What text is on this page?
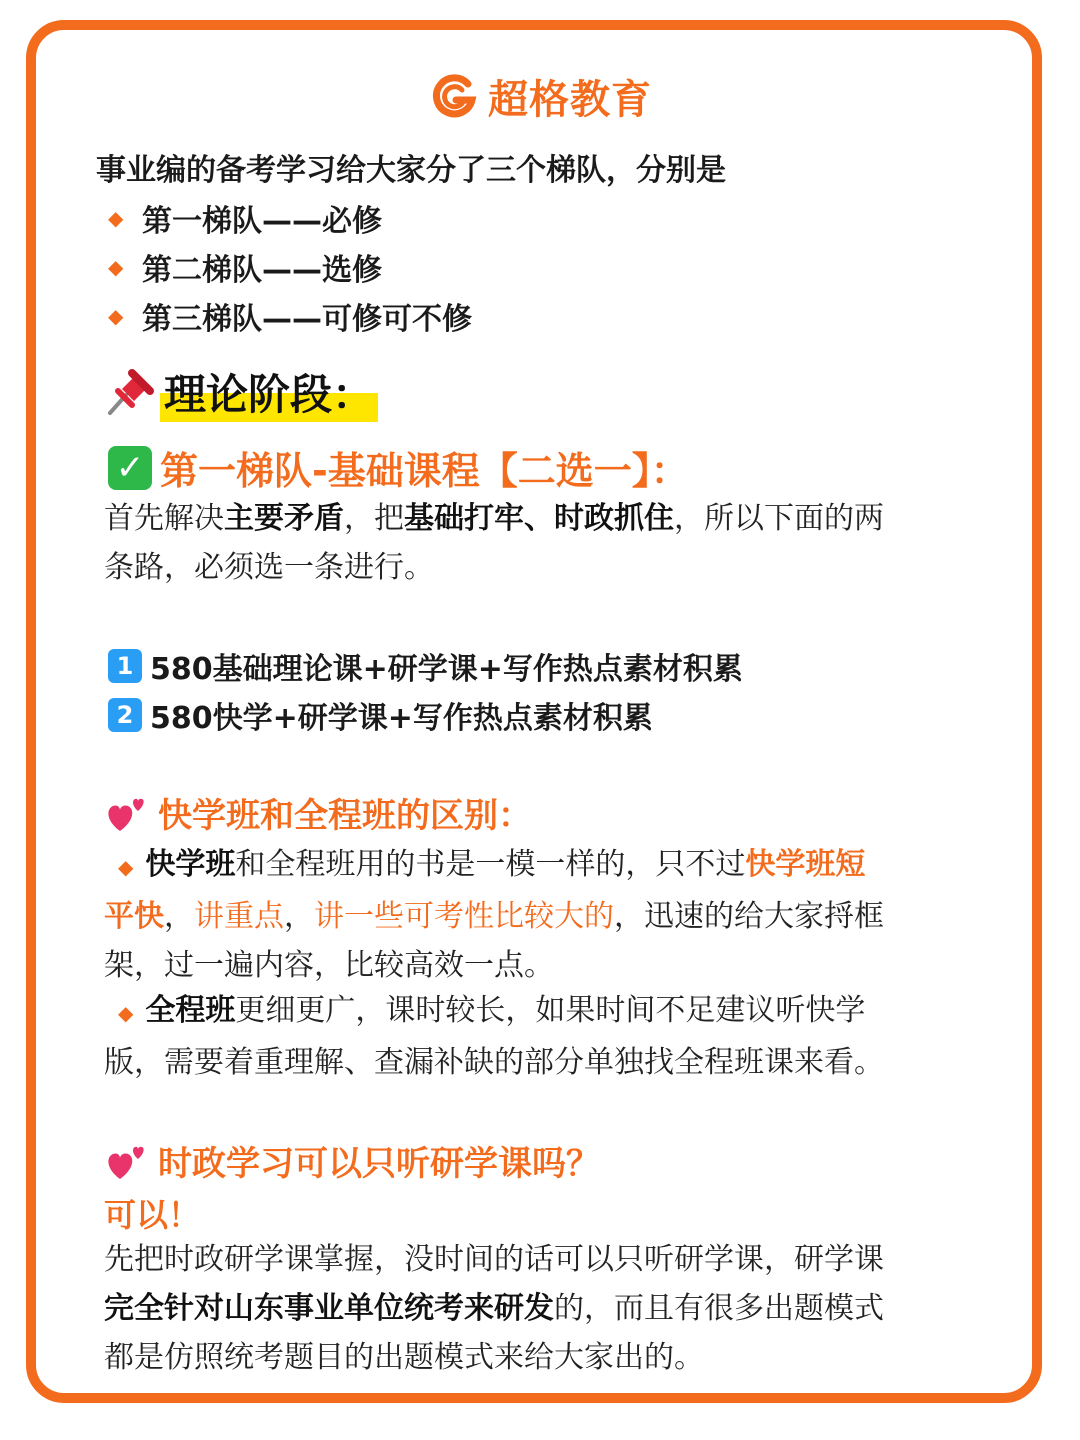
超格教育
事业编的备考学习给大家分了三个梯队，分别是
◆ 第一梯队——必修
◆ 第二梯队——选修
◆ 第三梯队——可修可不修
理论阶段：
✓ 第一梯队-基础课程【二选一】：
首先解决主要矛盾，把基础打牢、时政抓住，所以下面的两
条路，必须选一条进行。
1 580基础理论课+研学课+写作热点素材积累
2 580快学+研学课+写作热点素材积累
快学班和全程班的区别：
◆ 快学班和全程班用的书是一模一样的，只不过快学班短
平快，讲重点，讲一些可考性比较大的，迅速的给大家捋框
架，过一遍内容，比较高效一点。
◆ 全程班更细更广，课时较长，如果时间不足建议听快学
版，需要着重理解、查漏补缺的部分单独找全程班课来看。
时政学习可以只听研学课吗？
可以！
先把时政研学课掌握，没时间的话可以只听研学课，研学课
完全针对山东事业单位统考来研发的，而且有很多出题模式
都是仿照统考题目的出题模式来给大家出的。
